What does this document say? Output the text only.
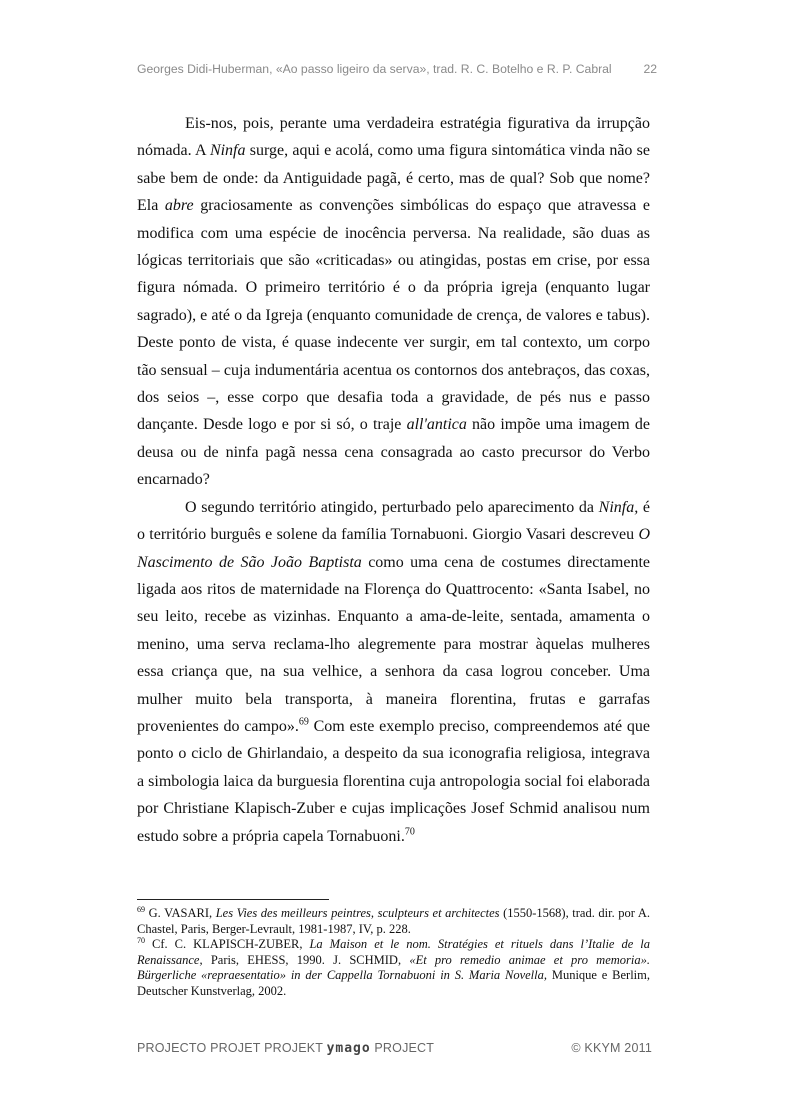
Georges Didi-Huberman, «Ao passo ligeiro da serva», trad. R. C. Botelho e R. P. Cabral	22

Eis-nos, pois, perante uma verdadeira estratégia figurativa da irrupção nómada. A Ninfa surge, aqui e acolá, como uma figura sintomática vinda não se sabe bem de onde: da Antiguidade pagã, é certo, mas de qual? Sob que nome? Ela abre graciosamente as convenções simbólicas do espaço que atravessa e modifica com uma espécie de inocência perversa. Na realidade, são duas as lógicas territoriais que são «criticadas» ou atingidas, postas em crise, por essa figura nómada. O primeiro território é o da própria igreja (enquanto lugar sagrado), e até o da Igreja (enquanto comunidade de crença, de valores e tabus). Deste ponto de vista, é quase indecente ver surgir, em tal contexto, um corpo tão sensual – cuja indumentária acentua os contornos dos antebraços, das coxas, dos seios –, esse corpo que desafia toda a gravidade, de pés nus e passo dançante. Desde logo e por si só, o traje all'antica não impõe uma imagem de deusa ou de ninfa pagã nessa cena consagrada ao casto precursor do Verbo encarnado?

O segundo território atingido, perturbado pelo aparecimento da Ninfa, é o território burguês e solene da família Tornabuoni. Giorgio Vasari descreveu O Nascimento de São João Baptista como uma cena de costumes directamente ligada aos ritos de maternidade na Florença do Quattrocento: «Santa Isabel, no seu leito, recebe as vizinhas. Enquanto a ama-de-leite, sentada, amamenta o menino, uma serva reclama-lho alegremente para mostrar àquelas mulheres essa criança que, na sua velhice, a senhora da casa logrou conceber. Uma mulher muito bela transporta, à maneira florentina, frutas e garrafas provenientes do campo».$^{69}$ Com este exemplo preciso, compreendemos até que ponto o ciclo de Ghirlandaio, a despeito da sua iconografia religiosa, integrava a simbologia laica da burguesia florentina cuja antropologia social foi elaborada por Christiane Klapisch-Zuber e cujas implicações Josef Schmid analisou num estudo sobre a própria capela Tornabuoni.$^{70}$

$^{69}$ G. VASARI, Les Vies des meilleurs peintres, sculpteurs et architectes (1550-1568), trad. dir. por A. Chastel, Paris, Berger-Levrault, 1981-1987, IV, p. 228.

$^{70}$ Cf. C. KLAPISCH-ZUBER, La Maison et le nom. Stratégies et rituels dans l’Italie de la Renaissance, Paris, EHESS, 1990. J. SCHMID, «Et pro remedio animae et pro memoria». Bürgerliche «repraesentatio» in der Cappella Tornabuoni in S. Maria Novella, Munique e Berlim, Deutscher Kunstverlag, 2002.

PROJECTO PROJET PROJEKT ymago PROJECT	© KKYM 2011
